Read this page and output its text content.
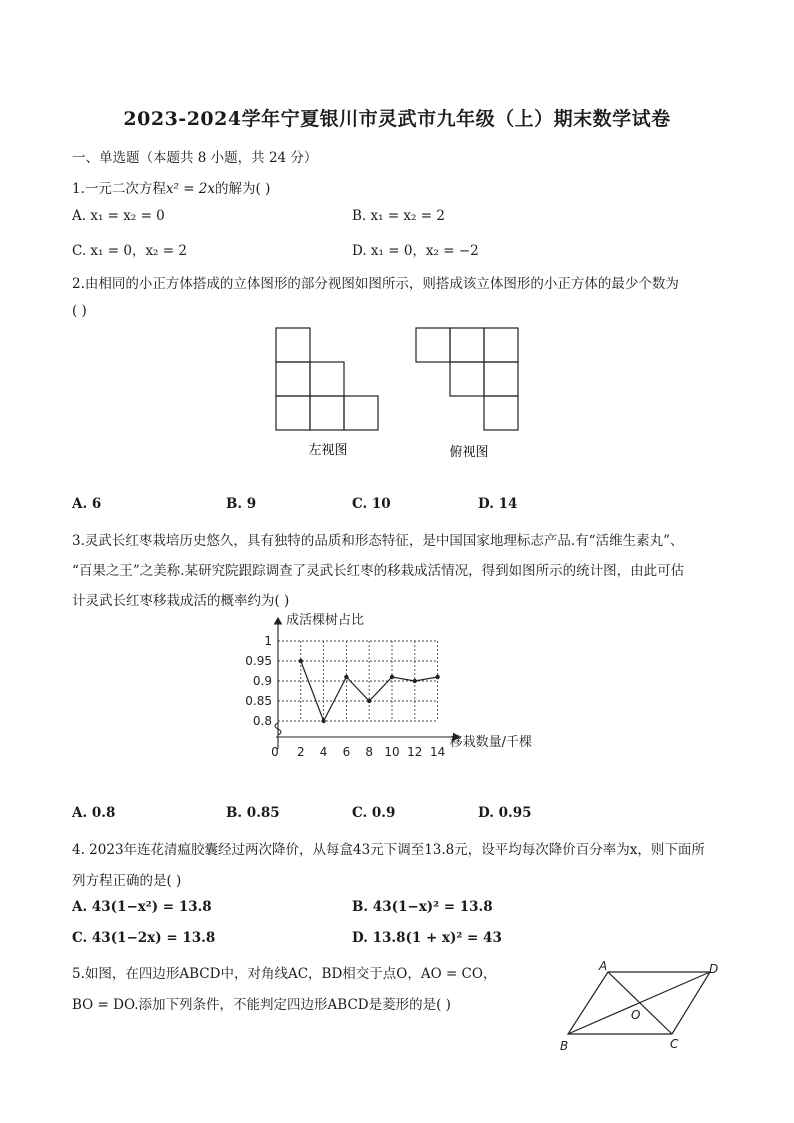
2023-2024学年宁夏银川市灵武市九年级（上）期末数学试卷
一、单选题（本题共 8 小题，共 24 分）
1.一元二次方程x² = 2x的解为( )
A. x₁ = x₂ = 0	B. x₁ = x₂ = 2
C. x₁ = 0，x₂ = 2	D. x₁ = 0，x₂ = −2
2.由相同的小正方体搭成的立体图形的部分视图如图所示，则搭成该立体图形的小正方体的最少个数为
( )
左视图	俯视图
A. 6	B. 9	C. 10	D. 14
3.灵武长红枣栽培历史悠久，具有独特的品质和形态特征，是中国国家地理标志产品.有“活维生素丸”、
“百果之王”之美称.某研究院跟踪调查了灵武长红枣的移栽成活情况，得到如图所示的统计图，由此可估
计灵武长红枣移栽成活的概率约为( )
0.8
0.85
0.9
0.95
1
0 2 4 6 8 10 12 14
成活棵树占比
移栽数量/千棵
A. 0.8	B. 0.85	C. 0.9	D. 0.95
4. 2023年连花清瘟胶囊经过两次降价，从每盒43元下调至13.8元，设平均每次降价百分率为x，则下面所
列方程正确的是( )
A. 43(1−x²) = 13.8	B. 43(1−x)² = 13.8
C. 43(1−2x) = 13.8	D. 13.8(1 + x)² = 43
5.如图，在四边形ABCD中，对角线AC，BD相交于点O，AO = CO，
BO = DO.添加下列条件，不能判定四边形ABCD是菱形的是( )
A	D
O
B	C
